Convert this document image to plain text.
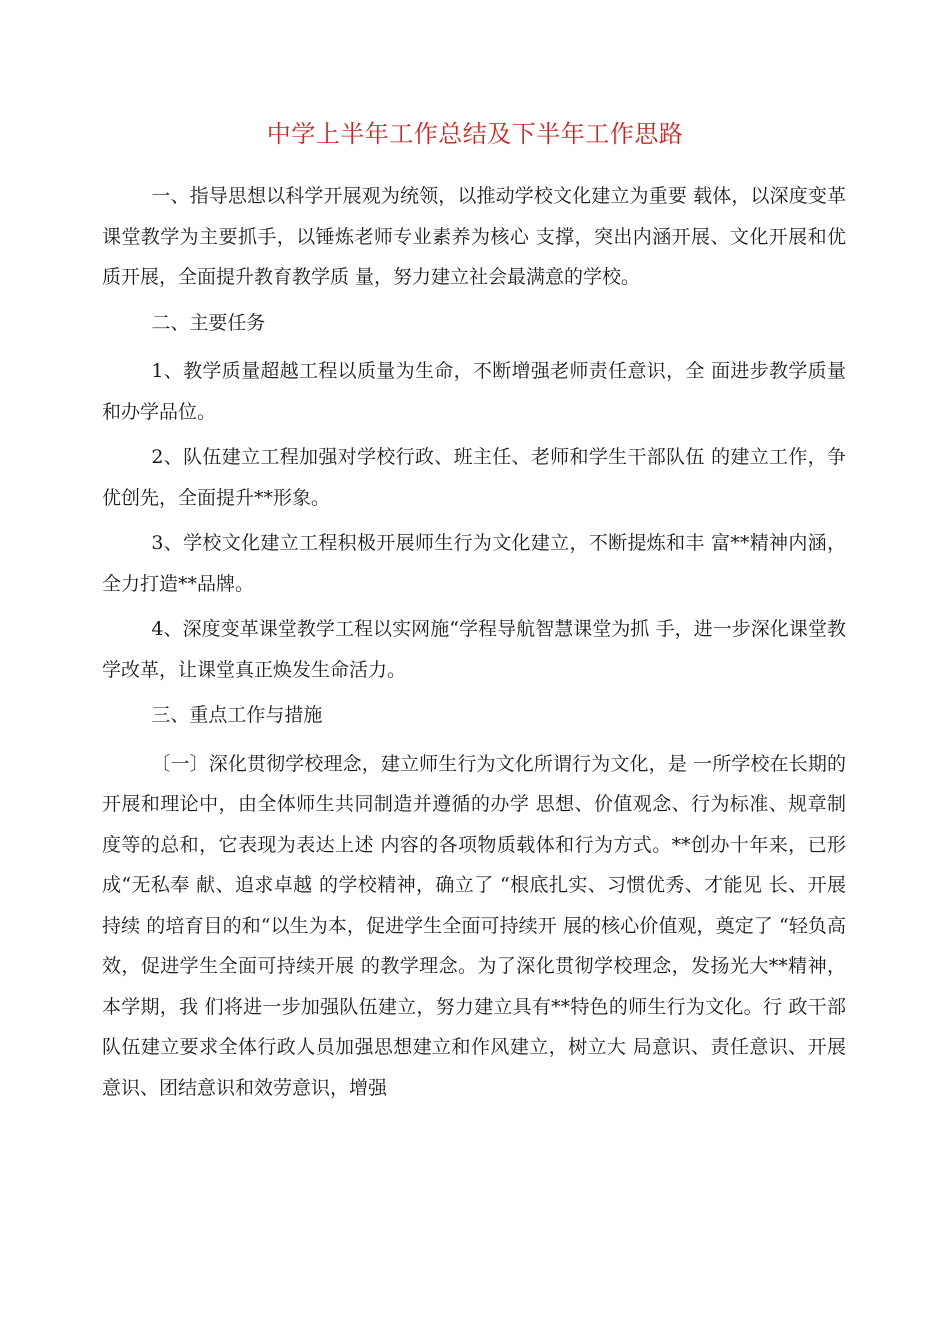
中学上半年工作总结及下半年工作思路

一、指导思想以科学开展观为统领，以推动学校文化建立为重要 载体，以深度变革课堂教学为主要抓手，以锤炼老师专业素养为核心 支撑，突出内涵开展、文化开展和优质开展，全面提升教育教学质 量，努力建立社会最满意的学校。

二、主要任务

1、教学质量超越工程以质量为生命，不断增强老师责任意识，全 面进步教学质量和办学品位。

2、队伍建立工程加强对学校行政、班主任、老师和学生干部队伍 的建立工作，争优创先，全面提升**形象。

3、学校文化建立工程积极开展师生行为文化建立，不断提炼和丰 富**精神内涵，全力打造**品牌。

4、深度变革课堂教学工程以实网施“学程导航智慧课堂为抓 手，进一步深化课堂教学改革，让课堂真正焕发生命活力。

三、重点工作与措施

〔一〕深化贯彻学校理念，建立师生行为文化所谓行为文化，是 一所学校在长期的开展和理论中，由全体师生共同制造并遵循的办学 思想、价值观念、行为标准、规章制度等的总和，它表现为表达上述 内容的各项物质载体和行为方式。**创办十年来，已形成“无私奉 献、追求卓越 的学校精神，确立了 “根底扎实、习惯优秀、才能见 长、开展持续 的培育目的和“以生为本，促进学生全面可持续开 展的核心价值观，奠定了 “轻负高效，促进学生全面可持续开展 的教学理念。为了深化贯彻学校理念，发扬光大**精神，本学期，我 们将进一步加强队伍建立，努力建立具有**特色的师生行为文化。行 政干部队伍建立要求全体行政人员加强思想建立和作风建立，树立大 局意识、责任意识、开展意识、团结意识和效劳意识，增强
